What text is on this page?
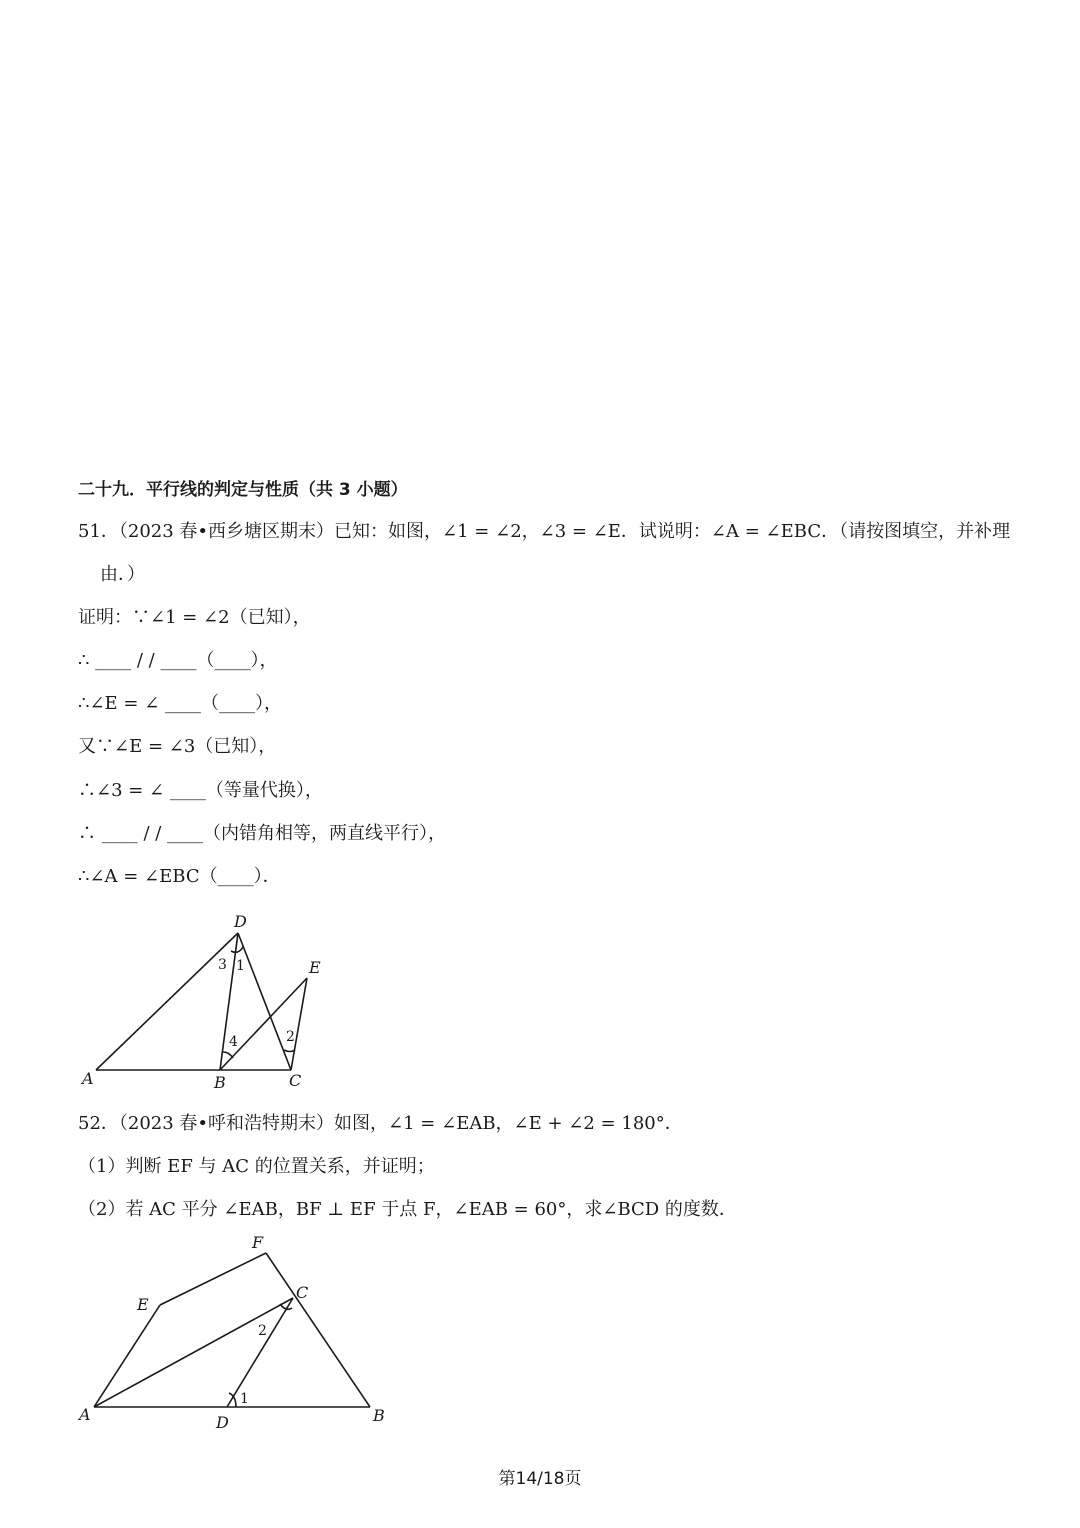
二十九．平行线的判定与性质（共 3 小题）
51．（2023 春•西乡塘区期末）已知：如图，∠1 = ∠2，∠3 = ∠E．试说明：∠A = ∠EBC．（请按图填空，并补理
由．）
证明：∵∠1 = ∠2（已知），
∴ ____ / / ____（____），
∴∠E = ∠ ____（____），
又∵∠E = ∠3（已知），
∴∠3 = ∠ ____（等量代换），
∴ ____ / / ____（内错角相等，两直线平行），
∴∠A = ∠EBC（____）．
D
E
A	B	C
3 1
4	2
52．（2023 春•呼和浩特期末）如图，∠1 = ∠EAB，∠E + ∠2 = 180°．
（1）判断 EF 与 AC 的位置关系，并证明；
（2）若 AC 平分 ∠EAB，BF ⊥ EF 于点 F，∠EAB = 60°，求∠BCD 的度数．
F
E
C
A	D	B
2
1
第14/18页
